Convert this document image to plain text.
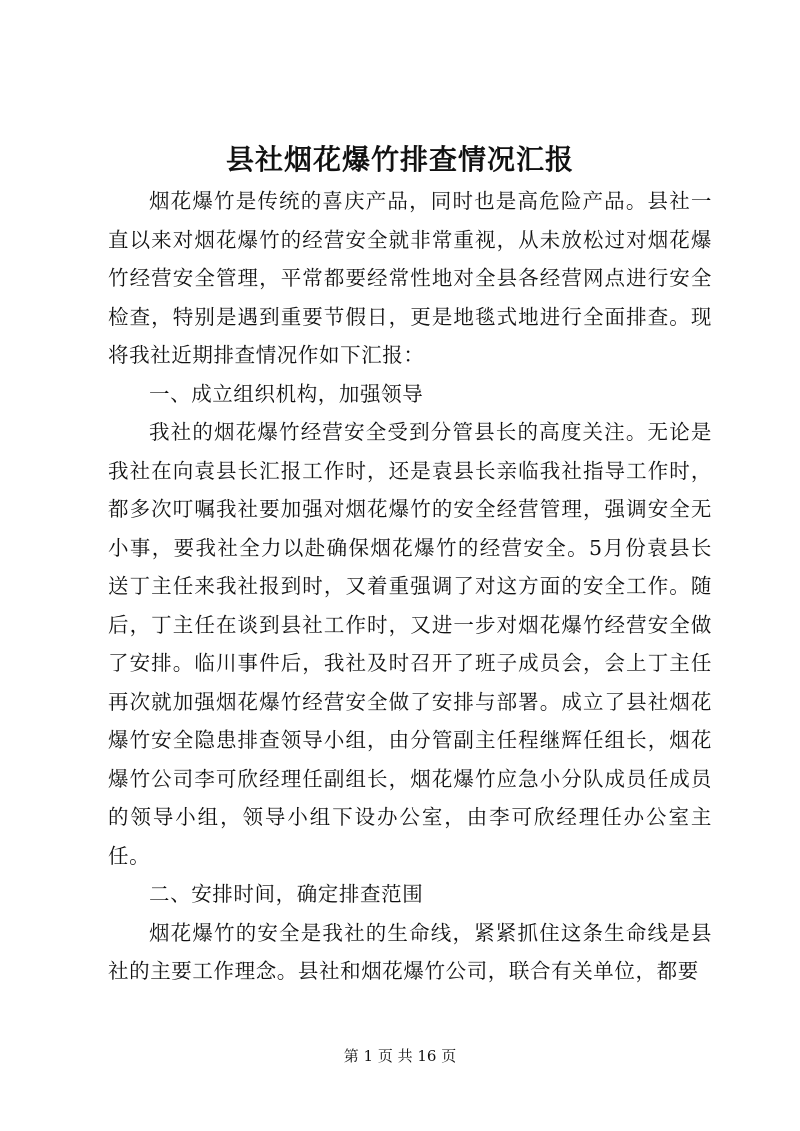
县社烟花爆竹排查情况汇报

烟花爆竹是传统的喜庆产品，同时也是高危险产品。县社一直以来对烟花爆竹的经营安全就非常重视，从未放松过对烟花爆竹经营安全管理，平常都要经常性地对全县各经营网点进行安全检查，特别是遇到重要节假日，更是地毯式地进行全面排查。现将我社近期排查情况作如下汇报：

一、成立组织机构，加强领导

我社的烟花爆竹经营安全受到分管县长的高度关注。无论是我社在向袁县长汇报工作时，还是袁县长亲临我社指导工作时，都多次叮嘱我社要加强对烟花爆竹的安全经营管理，强调安全无小事，要我社全力以赴确保烟花爆竹的经营安全。5月份袁县长送丁主任来我社报到时，又着重强调了对这方面的安全工作。随后，丁主任在谈到县社工作时，又进一步对烟花爆竹经营安全做了安排。临川事件后，我社及时召开了班子成员会，会上丁主任再次就加强烟花爆竹经营安全做了安排与部署。成立了县社烟花爆竹安全隐患排查领导小组，由分管副主任程继辉任组长，烟花爆竹公司李可欣经理任副组长，烟花爆竹应急小分队成员任成员的领导小组，领导小组下设办公室，由李可欣经理任办公室主任。

二、安排时间，确定排查范围

烟花爆竹的安全是我社的生命线，紧紧抓住这条生命线是县社的主要工作理念。县社和烟花爆竹公司，联合有关单位，都要

第 1 页 共 16 页
